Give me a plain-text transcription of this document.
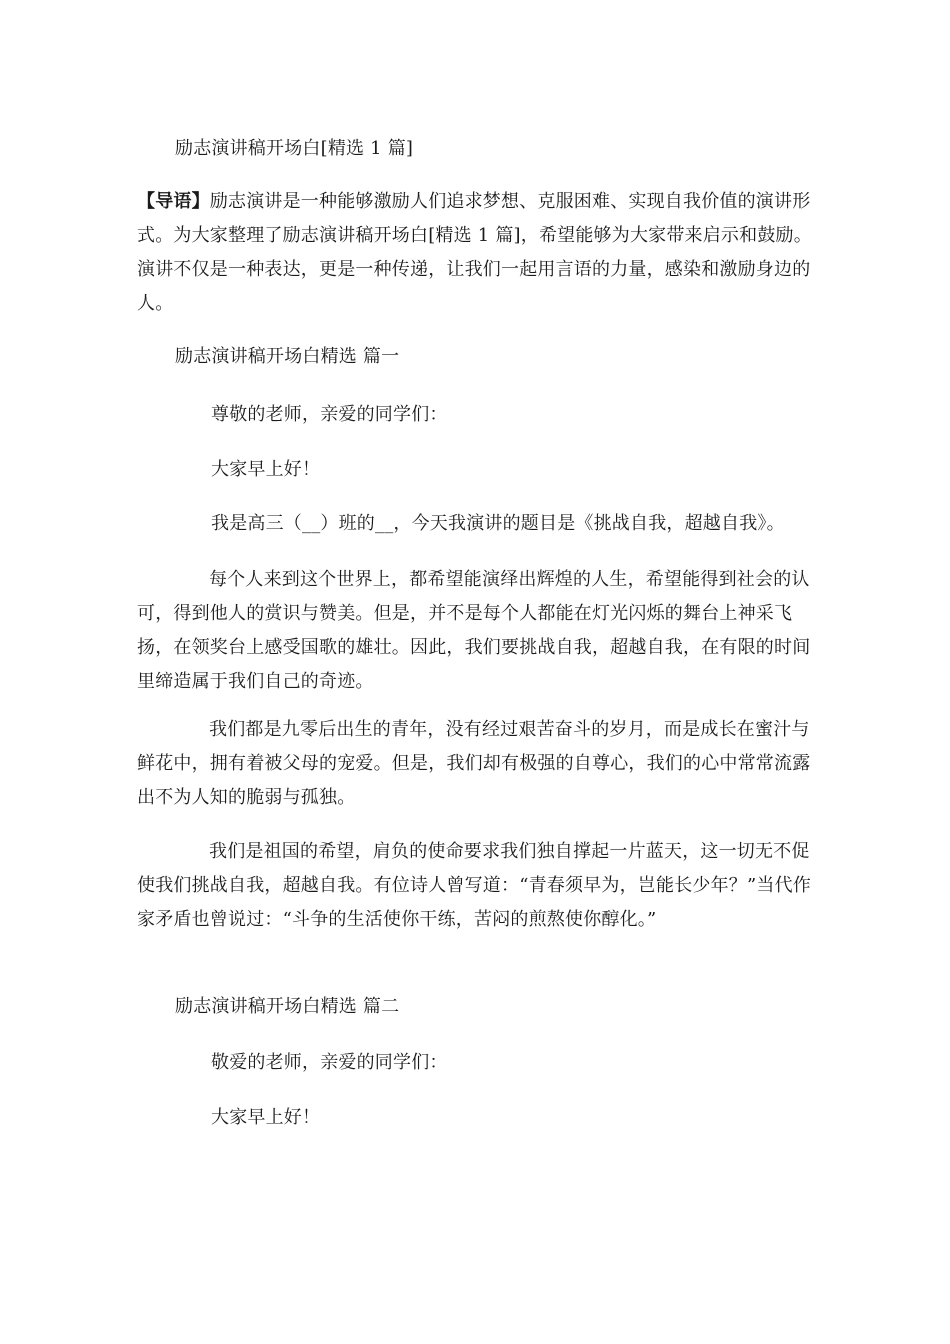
励志演讲稿开场白[精选 1 篇]
【导语】励志演讲是一种能够激励人们追求梦想、克服困难、实现自我价值的演讲形式。为大家整理了励志演讲稿开场白[精选 1 篇]，希望能够为大家带来启示和鼓励。演讲不仅是一种表达，更是一种传递，让我们一起用言语的力量，感染和激励身边的人。
励志演讲稿开场白精选 篇一
尊敬的老师，亲爱的同学们：
大家早上好！
我是高三（__）班的__，今天我演讲的题目是《挑战自我，超越自我》。
每个人来到这个世界上，都希望能演绎出辉煌的人生，希望能得到社会的认可，得到他人的赏识与赞美。但是，并不是每个人都能在灯光闪烁的舞台上神采飞扬，在领奖台上感受国歌的雄壮。因此，我们要挑战自我，超越自我，在有限的时间里缔造属于我们自己的奇迹。
我们都是九零后出生的青年，没有经过艰苦奋斗的岁月，而是成长在蜜汁与鲜花中，拥有着被父母的宠爱。但是，我们却有极强的自尊心，我们的心中常常流露出不为人知的脆弱与孤独。
我们是祖国的希望，肩负的使命要求我们独自撑起一片蓝天，这一切无不促使我们挑战自我，超越自我。有位诗人曾写道：“青春须早为，岂能长少年？”当代作家矛盾也曾说过：“斗争的生活使你干练，苦闷的煎熬使你醇化。”
励志演讲稿开场白精选 篇二
敬爱的老师，亲爱的同学们：
大家早上好！
